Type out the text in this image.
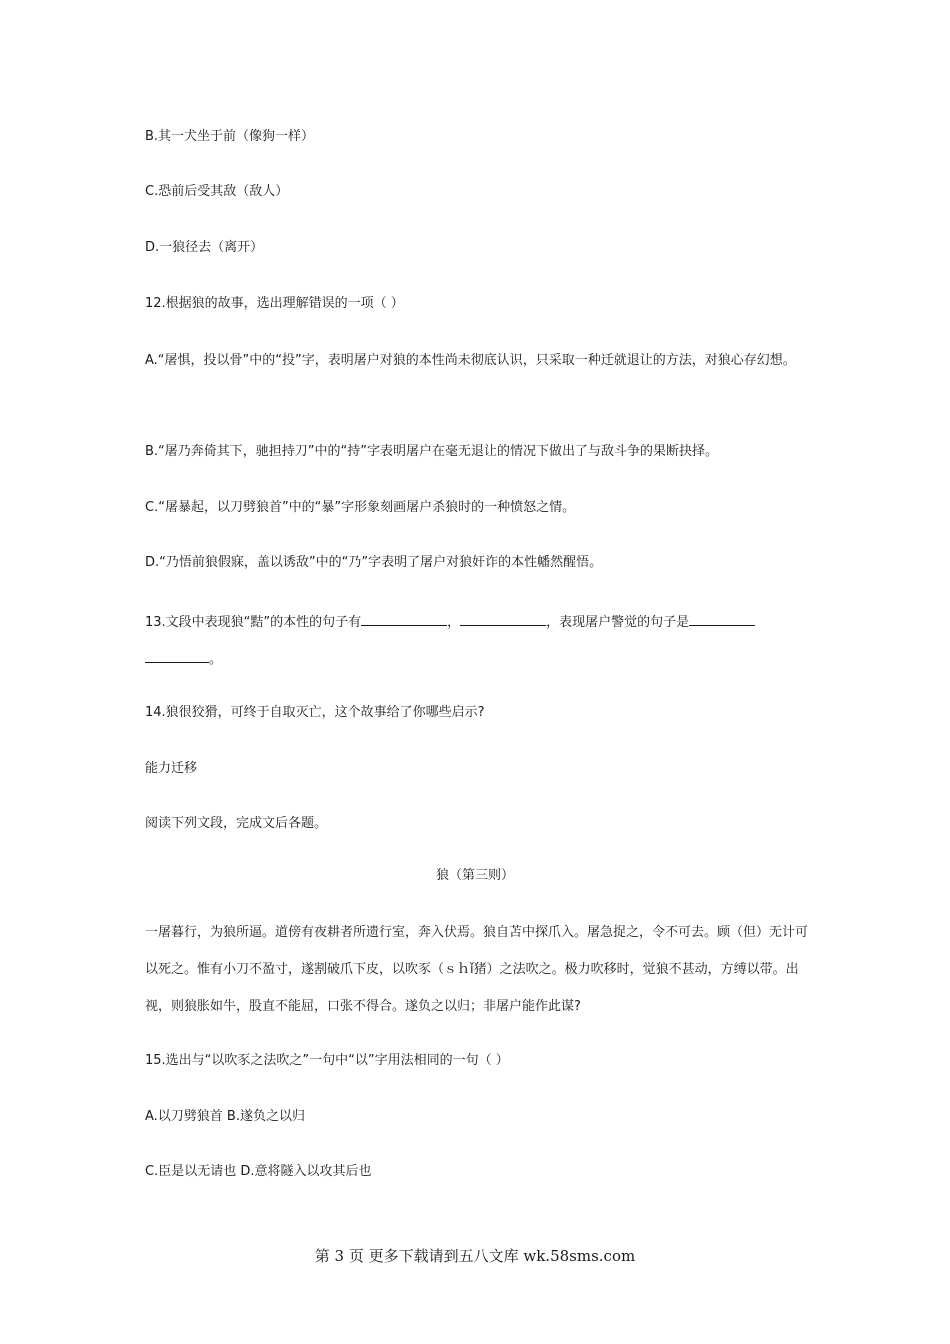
B.其一犬坐于前（像狗一样）

C.恐前后受其敌（敌人）

D.一狼径去（离开）

12.根据狼的故事，选出理解错误的一项（ ）

A.“屠惧，投以骨”中的“投”字，表明屠户对狼的本性尚未彻底认识，只采取一种迁就退让的方法，对狼心存幻想。

B.“屠乃奔倚其下，驰担持刀”中的“持”字表明屠户在毫无退让的情况下做出了与敌斗争的果断抉择。

C.“屠暴起，以刀劈狼首”中的“暴”字形象刻画屠户杀狼时的一种愤怒之情。

D.“乃悟前狼假寐，盖以诱敌”中的“乃”字表明了屠户对狼奸诈的本性幡然醒悟。

13.文段中表现狼“黠”的本性的句子有	，	，表现屠户警觉的句子是
。

14.狼很狡猾，可终于自取灭亡，这个故事给了你哪些启示?

能力迁移

阅读下列文段，完成文后各题。

狼（第三则）

一屠暮行，为狼所逼。道傍有夜耕者所遗行室，奔入伏焉。狼自苫中探爪入。屠急捉之，令不可去。顾（但）无计可以死之。惟有小刀不盈寸，遂割破爪下皮，以吹豕（ｓｈǐ猪）之法吹之。极力吹移时，觉狼不甚动，方缚以带。出视，则狼胀如牛，股直不能屈，口张不得合。遂负之以归；非屠户能作此谋?

15.选出与“以吹豕之法吹之”一句中“以”字用法相同的一句（ ）

A.以刀劈狼首 B.遂负之以归

C.臣是以无请也 D.意将隧入以攻其后也

第 3 页 更多下载请到五八文库 wk.58sms.com
